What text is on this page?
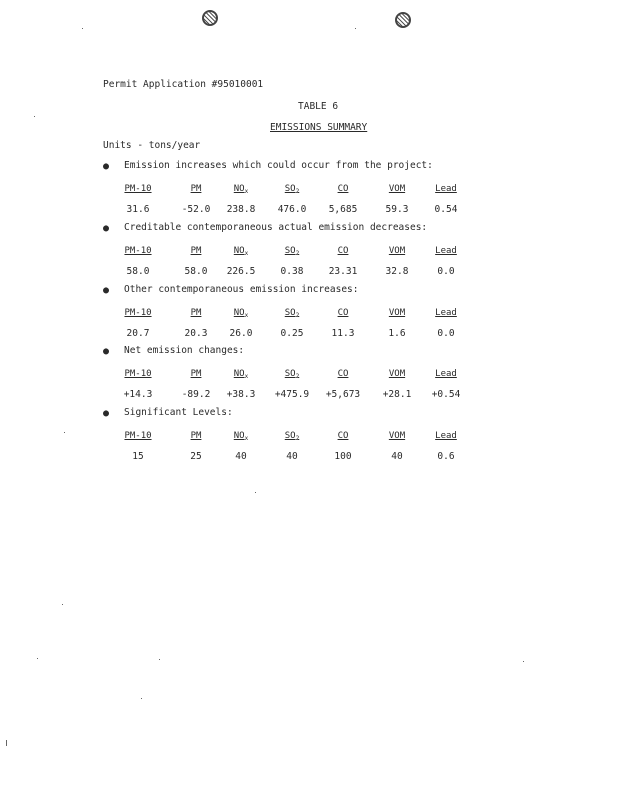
Permit Application #95010001
TABLE 6
EMISSIONS SUMMARY
Units - tons/year
● Emission increases which could occur from the project:
PM-10
31.6
PM
-52.0
$NO_x$
238.8
$SO_2$
476.0
CO
5,685
VOM
59.3
Lead
0.54
● Creditable contemporaneous actual emission decreases:
PM-10
58.0
PM
58.0
$NO_x$
226.5
$SO_2$
0.38
CO
23.31
VOM
32.8
Lead
0.0
● Other contemporaneous emission increases:
PM-10
20.7
PM
20.3
$NO_x$
26.0
$SO_2$
0.25
CO
11.3
VOM
1.6
Lead
0.0
● Net emission changes:
PM-10
+14.3
PM
-89.2
$NO_x$
+38.3
$SO_2$
+475.9
CO
+5,673
VOM
+28.1
Lead
+0.54
● Significant Levels:
PM-10
15
PM
25
$NO_x$
40
$SO_2$
40
CO
100
VOM
40
Lead
0.6
